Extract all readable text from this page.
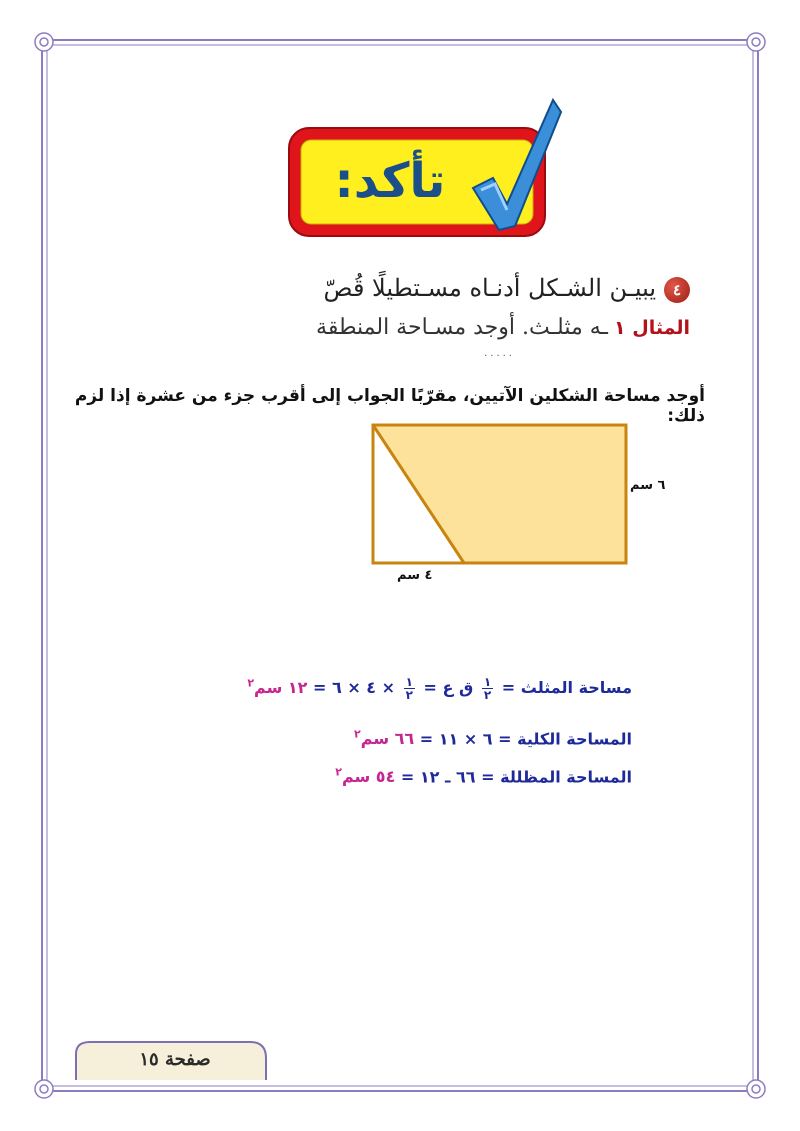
تأكد:
٤يبيـن الشـكل أدنـاه مسـتطيلًا قُصّ
المثال ١ـه مثلـث. أوجد مسـاحة المنطقة
.....
أوجد مساحة الشكلين الآتيين، مقرّبًا الجواب إلى أقرب جزء من عشرة إذا لزم ذلك:
٦ سم
٤ سم
مساحة المثلث =
$\frac{١}{٢}$
ق ع =
$\frac{١}{٢}$
× ٤ × ٦ = ١٢ سم$^٢$
المساحة الكلية = ٦ × ١١ = ٦٦ سم$^٢$
المساحة المظللة = ٦٦ ـ ١٢ = ٥٤ سم$^٢$
صفحة ١٥
